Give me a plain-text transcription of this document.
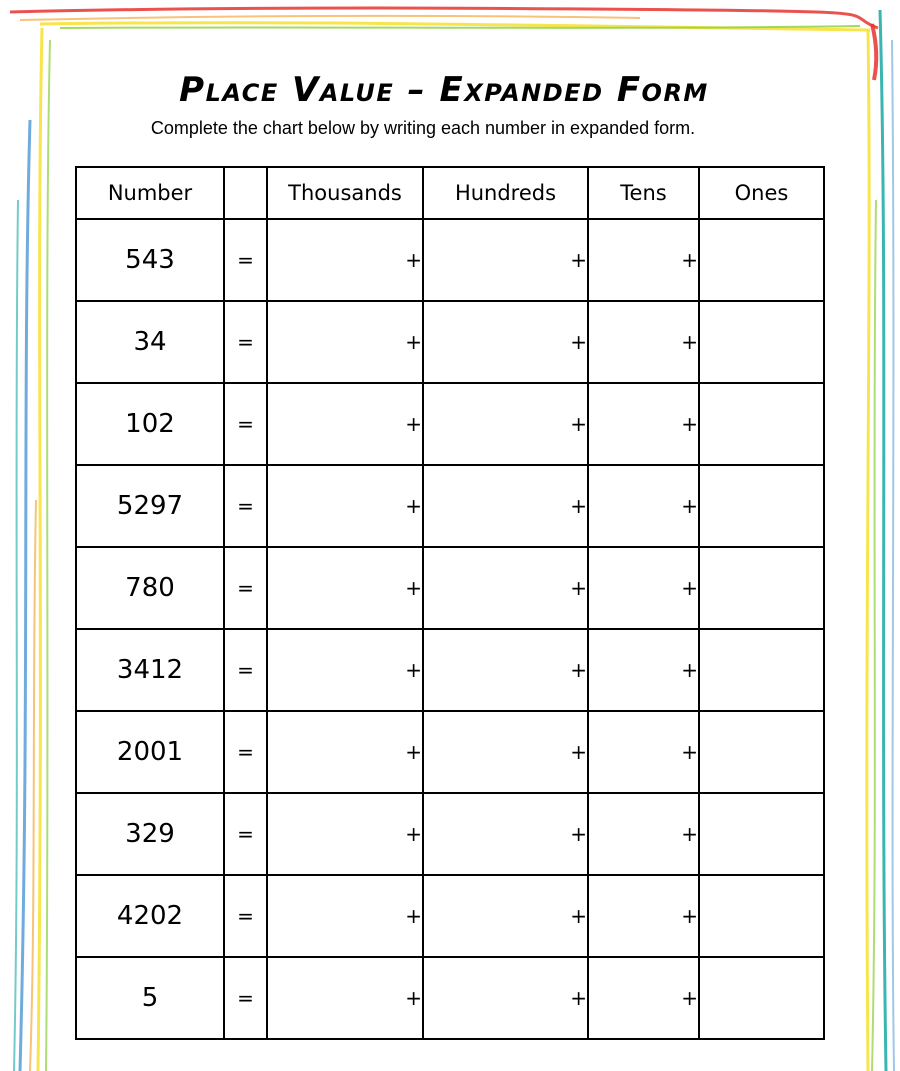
Place Value – Expanded Form
Complete the chart below by writing each number in expanded form.
Number		Thousands	Hundreds	Tens	Ones
543	=	+	+	+	
34	=	+	+	+	
102	=	+	+	+	
5297	=	+	+	+	
780	=	+	+	+	
3412	=	+	+	+	
2001	=	+	+	+	
329	=	+	+	+	
4202	=	+	+	+	
5	=	+	+	+	
